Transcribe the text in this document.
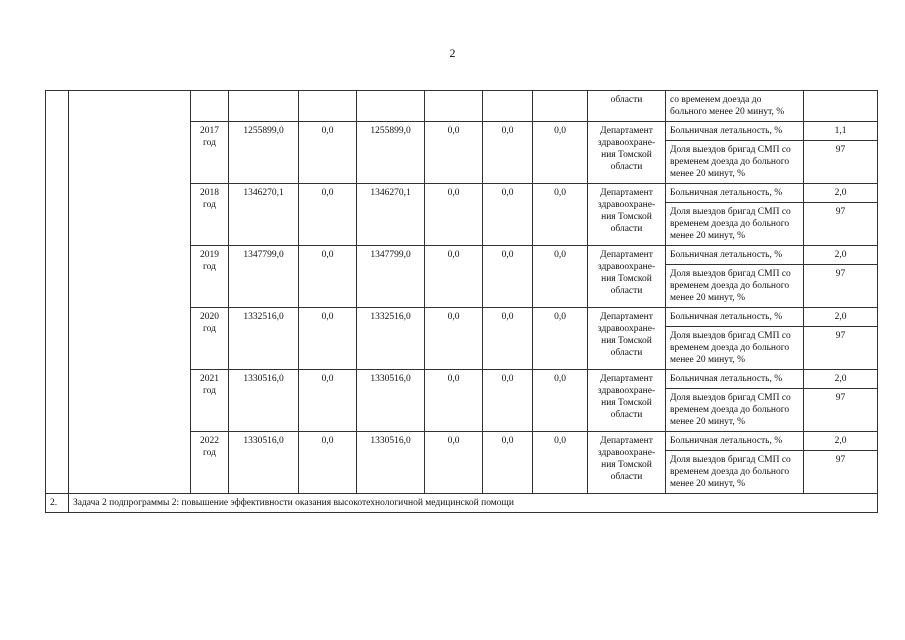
2
									области	со временем доезда до больного менее 20 минут, %	
		2017 год	1255899,0	0,0	1255899,0	0,0	0,0	0,0	Департамент здравоохране-ния Томской области	Больничная летальность, %	1,1
										Доля выездов бригад СМП со временем доезда до больного менее 20 минут, %	97
		2018 год	1346270,1	0,0	1346270,1	0,0	0,0	0,0	Департамент здравоохране-ния Томской области	Больничная летальность, %	2,0
										Доля выездов бригад СМП со временем доезда до больного менее 20 минут, %	97
		2019 год	1347799,0	0,0	1347799,0	0,0	0,0	0,0	Департамент здравоохране-ния Томской области	Больничная летальность, %	2,0
										Доля выездов бригад СМП со временем доезда до больного менее 20 минут, %	97
		2020 год	1332516,0	0,0	1332516,0	0,0	0,0	0,0	Департамент здравоохране-ния Томской области	Больничная летальность, %	2,0
										Доля выездов бригад СМП со временем доезда до больного менее 20 минут, %	97
		2021 год	1330516,0	0,0	1330516,0	0,0	0,0	0,0	Департамент здравоохране-ния Томской области	Больничная летальность, %	2,0
										Доля выездов бригад СМП со временем доезда до больного менее 20 минут, %	97
		2022 год	1330516,0	0,0	1330516,0	0,0	0,0	0,0	Департамент здравоохране-ния Томской области	Больничная летальность, %	2,0
										Доля выездов бригад СМП со временем доезда до больного менее 20 минут, %	97
2.	Задача 2 подпрограммы 2: повышение эффективности оказания высокотехнологичной медицинской помощи										
